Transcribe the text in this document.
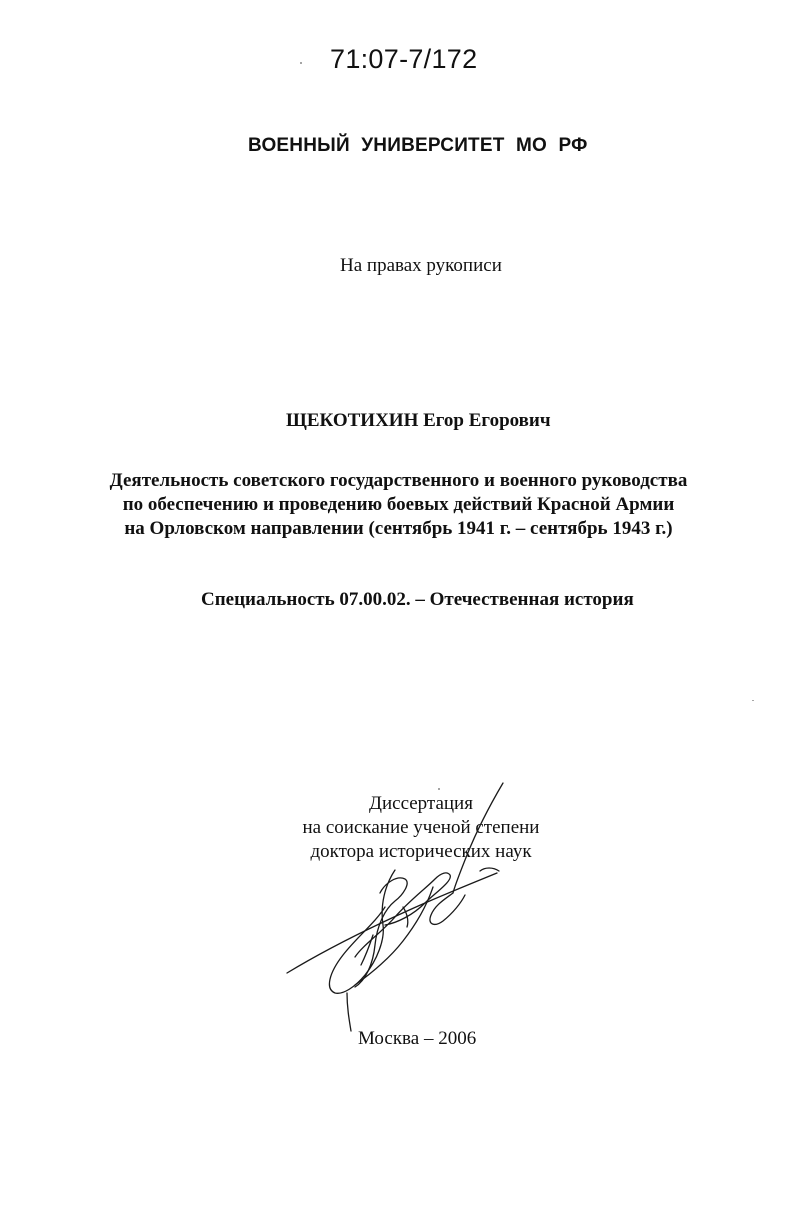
71:07-7/172
ВОЕННЫЙ УНИВЕРСИТЕТ МО РФ
На правах рукописи
ЩЕКОТИХИН Егор Егорович
Деятельность советского государственного и военного руководства
по обеспечению и проведению боевых действий Красной Армии
на Орловском направлении (сентябрь 1941 г. – сентябрь 1943 г.)
Специальность 07.00.02. – Отечественная история
Диссертация
на соискание ученой степени
доктора исторических наук
Москва – 2006
